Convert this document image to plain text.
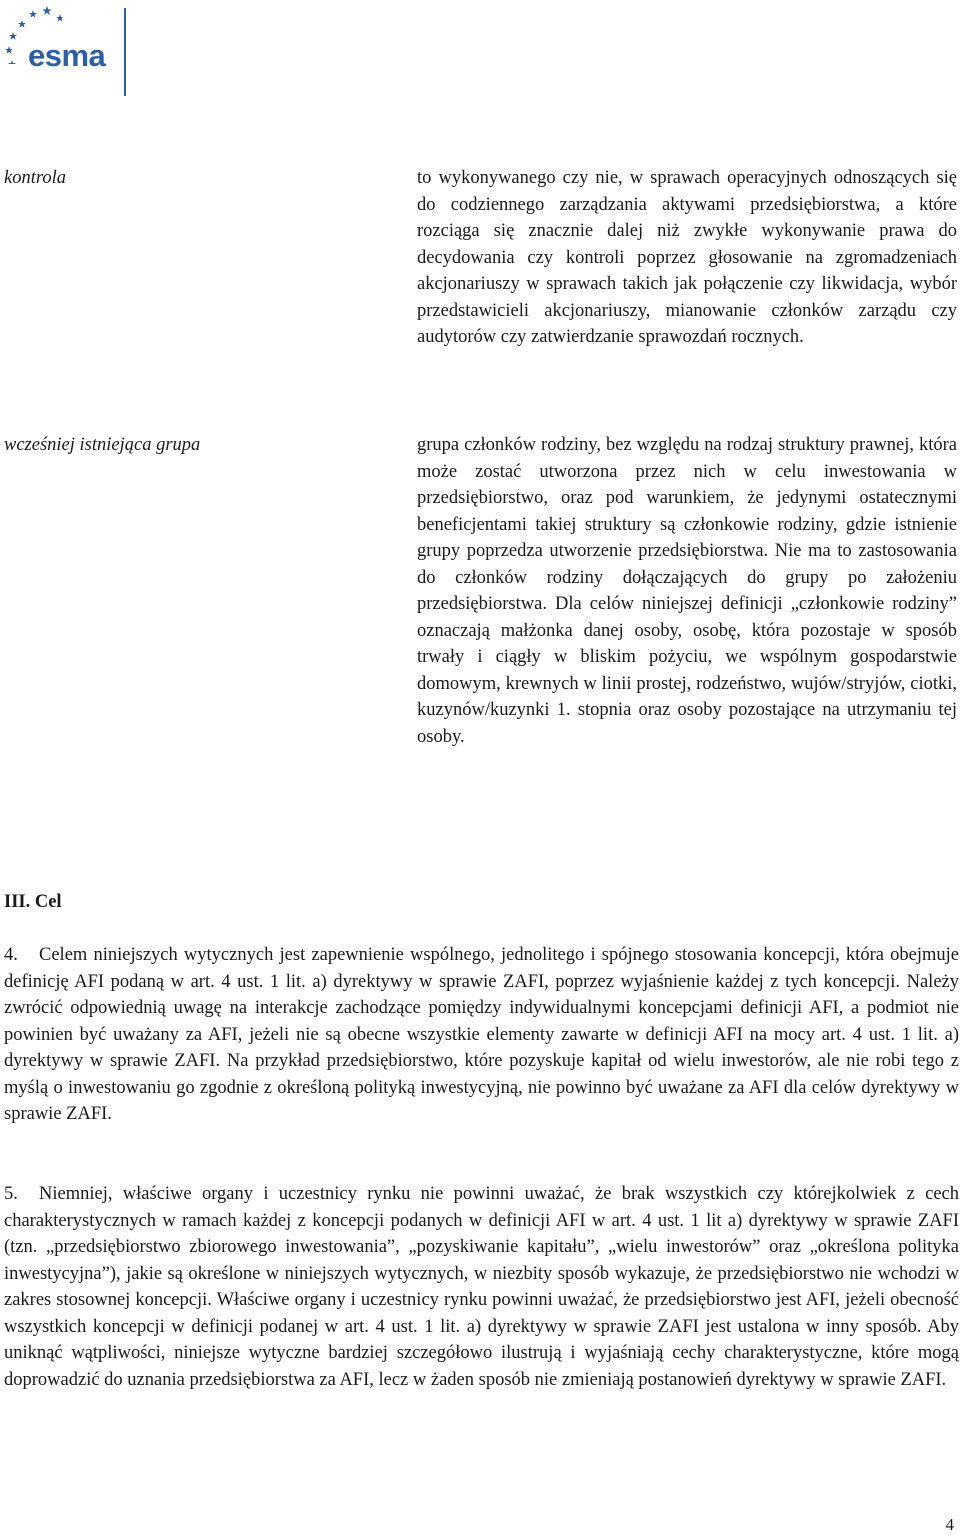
esma
kontrola	to wykonywanego czy nie, w sprawach operacyjnych odnoszących się do codziennego zarządzania aktywami przedsiębiorstwa, a które rozciąga się znacznie dalej niż zwykłe wykonywanie prawa do decydowania czy kontroli poprzez głosowanie na zgromadzeniach akcjonariuszy w sprawach takich jak połączenie czy likwidacja, wybór przedstawicieli akcjonariuszy, mianowanie członków zarządu czy audytorów czy zatwierdzanie sprawozdań rocznych.
wcześniej istniejąca grupa	grupa członków rodziny, bez względu na rodzaj struktury prawnej, która może zostać utworzona przez nich w celu inwestowania w przedsiębiorstwo, oraz pod warunkiem, że jedynymi ostatecznymi beneficjentami takiej struktury są członkowie rodziny, gdzie istnienie grupy poprzedza utworzenie przedsiębiorstwa. Nie ma to zastosowania do członków rodziny dołączających do grupy po założeniu przedsiębiorstwa. Dla celów niniejszej definicji „członkowie rodziny” oznaczają małżonka danej osoby, osobę, która pozostaje w sposób trwały i ciągły w bliskim pożyciu, we wspólnym gospodarstwie domowym, krewnych w linii prostej, rodzeństwo, wujów/stryjów, ciotki, kuzynów/kuzynki 1. stopnia oraz osoby pozostające na utrzymaniu tej osoby.
III. Cel
4.	Celem niniejszych wytycznych jest zapewnienie wspólnego, jednolitego i spójnego stosowania koncepcji, która obejmuje definicję AFI podaną w art. 4 ust. 1 lit. a) dyrektywy w sprawie ZAFI, poprzez wyjaśnienie każdej z tych koncepcji. Należy zwrócić odpowiednią uwagę na interakcje zachodzące pomiędzy indywidualnymi koncepcjami definicji AFI, a podmiot nie powinien być uważany za AFI, jeżeli nie są obecne wszystkie elementy zawarte w definicji AFI na mocy art. 4 ust. 1 lit. a) dyrektywy w sprawie ZAFI. Na przykład przedsiębiorstwo, które pozyskuje kapitał od wielu inwestorów, ale nie robi tego z myślą o inwestowaniu go zgodnie z określoną polityką inwestycyjną, nie powinno być uważane za AFI dla celów dyrektywy w sprawie ZAFI.
5.	Niemniej, właściwe organy i uczestnicy rynku nie powinni uważać, że brak wszystkich czy którejkolwiek z cech charakterystycznych w ramach każdej z koncepcji podanych w definicji AFI w art. 4 ust. 1 lit a) dyrektywy w sprawie ZAFI (tzn. „przedsiębiorstwo zbiorowego inwestowania”, „pozyskiwanie kapitału”, „wielu inwestorów” oraz „określona polityka inwestycyjna”), jakie są określone w niniejszych wytycznych, w niezbity sposób wykazuje, że przedsiębiorstwo nie wchodzi w zakres stosownej koncepcji. Właściwe organy i uczestnicy rynku powinni uważać, że przedsiębiorstwo jest AFI, jeżeli obecność wszystkich koncepcji w definicji podanej w art. 4 ust. 1 lit. a) dyrektywy w sprawie ZAFI jest ustalona w inny sposób. Aby uniknąć wątpliwości, niniejsze wytyczne bardziej szczegółowo ilustrują i wyjaśniają cechy charakterystyczne, które mogą doprowadzić do uznania przedsiębiorstwa za AFI, lecz w żaden sposób nie zmieniają postanowień dyrektywy w sprawie ZAFI.
4
